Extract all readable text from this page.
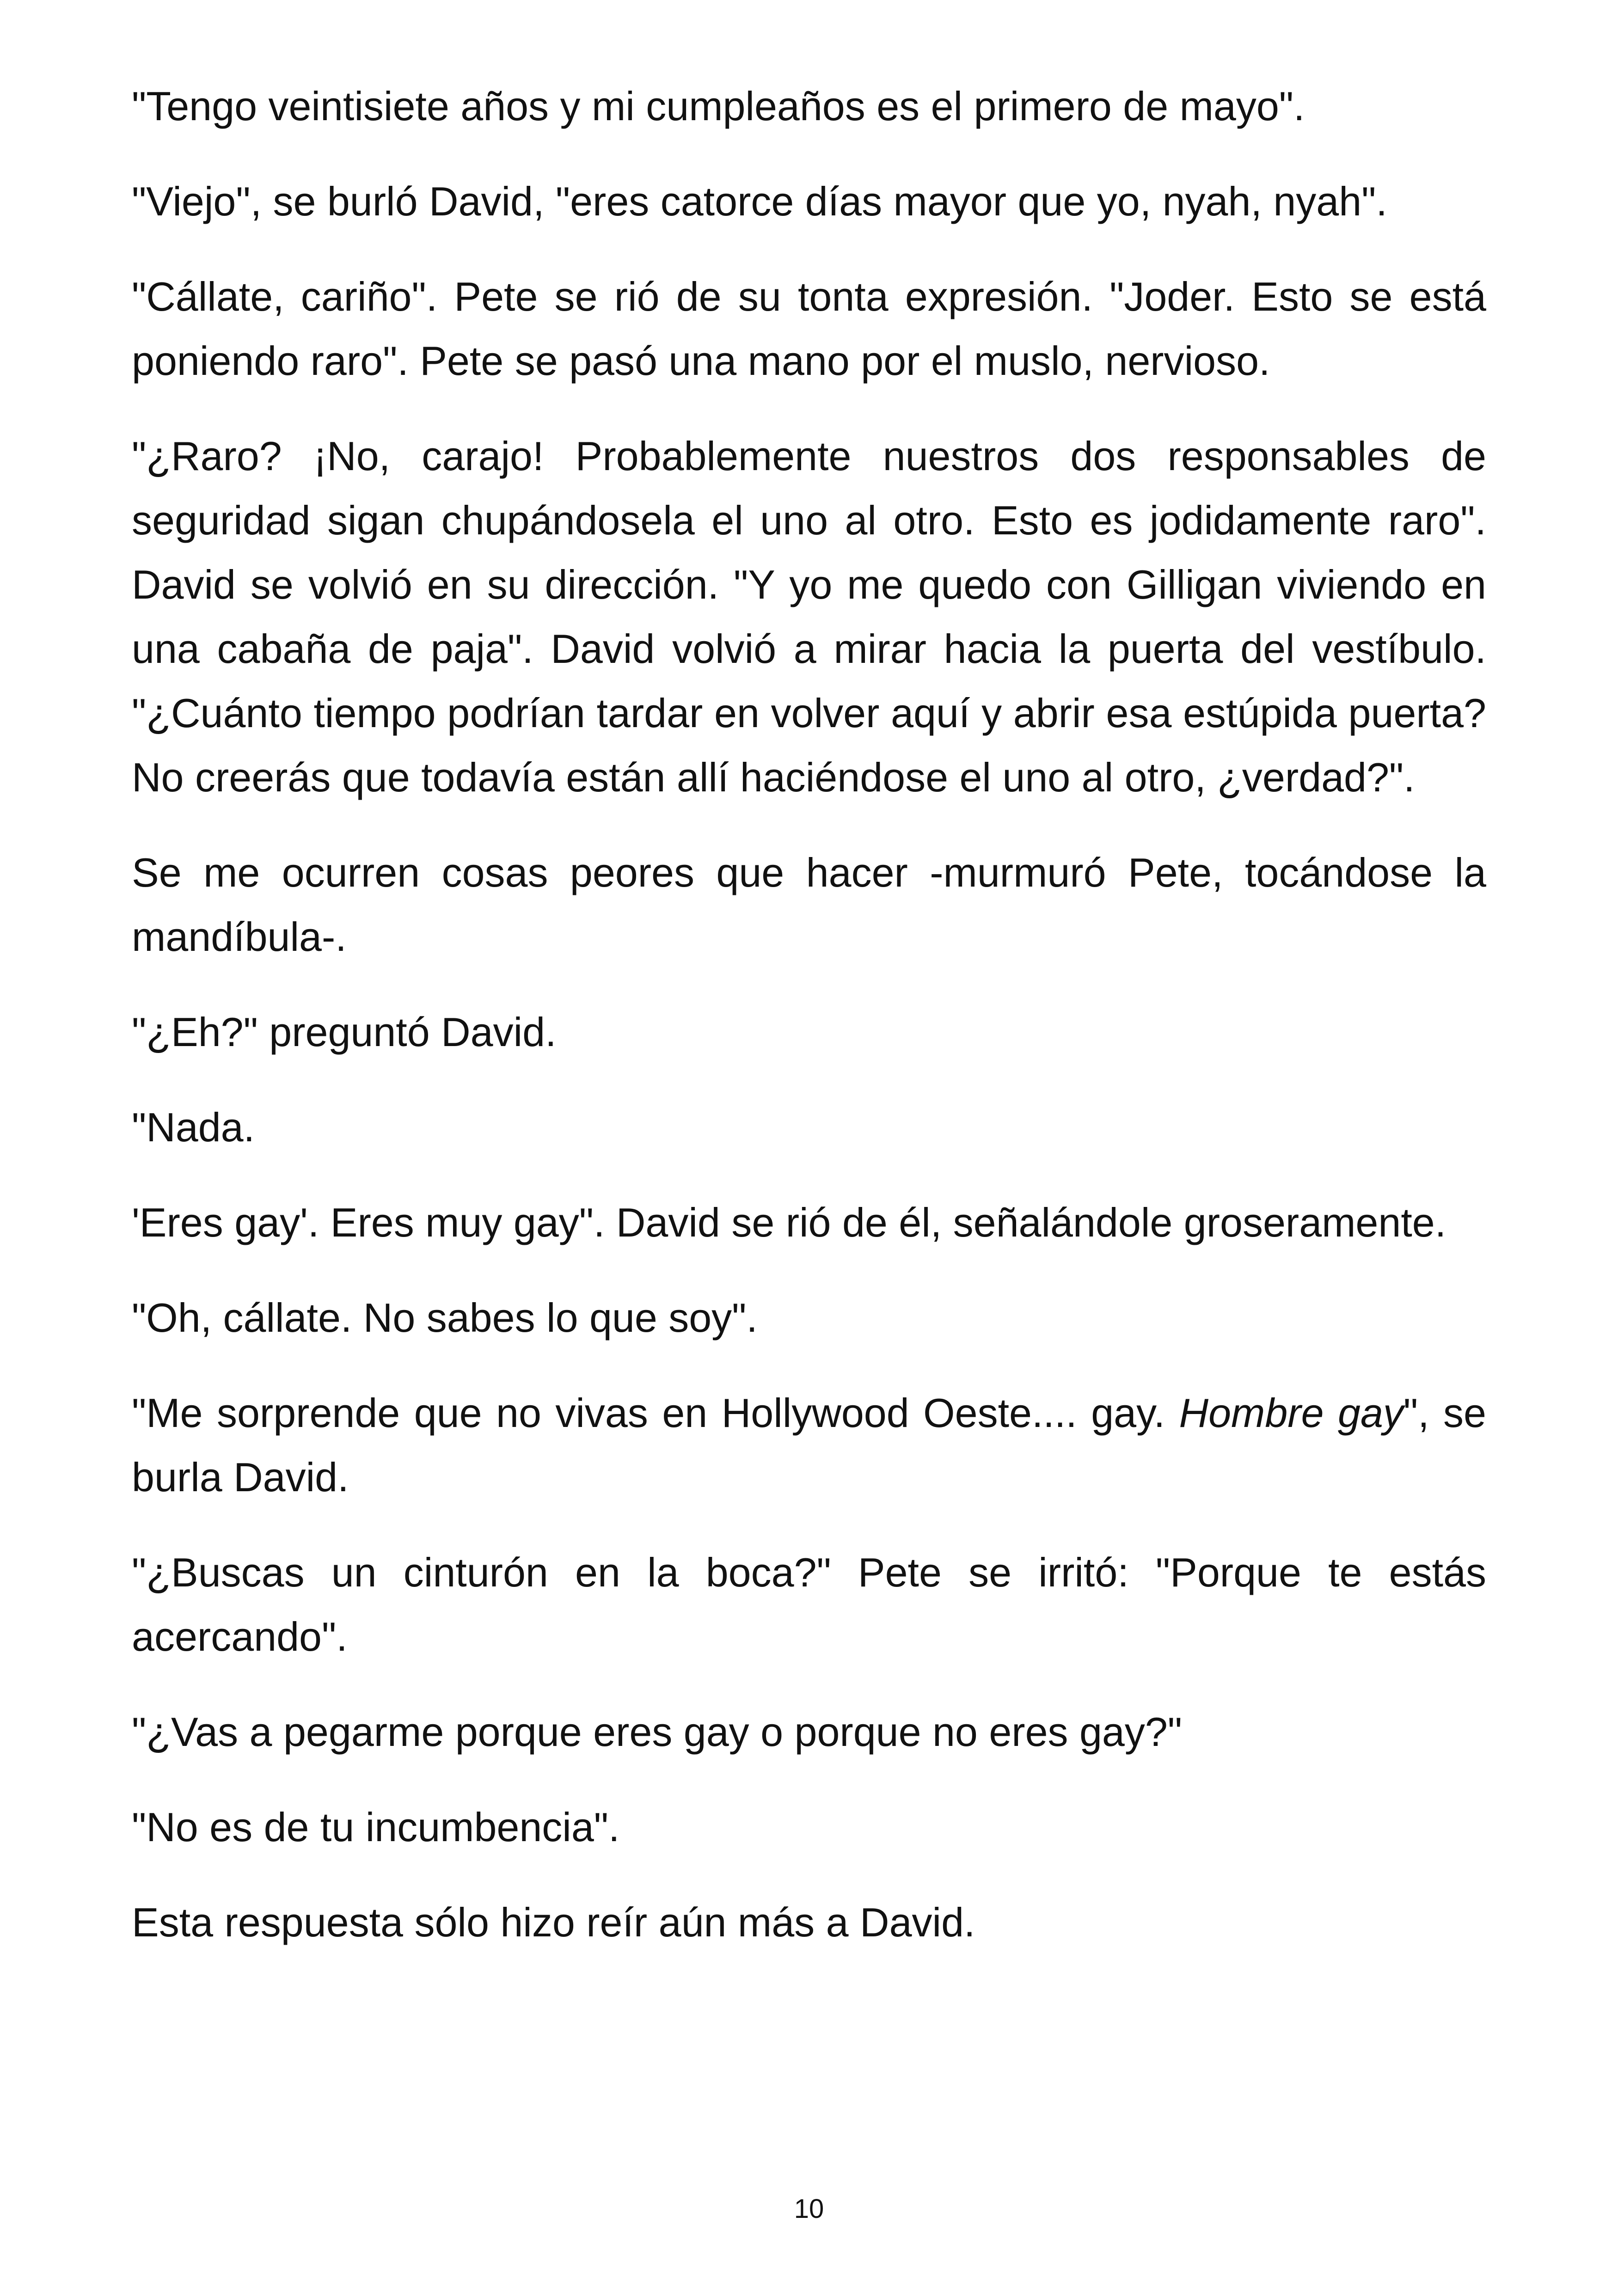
"Tengo veintisiete años y mi cumpleaños es el primero de mayo".

"Viejo", se burló David, "eres catorce días mayor que yo, nyah, nyah".

"Cállate, cariño". Pete se rió de su tonta expresión. "Joder. Esto se está poniendo raro". Pete se pasó una mano por el muslo, nervioso.

"¿Raro? ¡No, carajo! Probablemente nuestros dos responsables de seguridad sigan chupándosela el uno al otro. Esto es jodidamente raro". David se volvió en su dirección. "Y yo me quedo con Gilligan viviendo en una cabaña de paja". David volvió a mirar hacia la puerta del vestíbulo. "¿Cuánto tiempo podrían tardar en volver aquí y abrir esa estúpida puerta? No creerás que todavía están allí haciéndose el uno al otro, ¿verdad?".

Se me ocurren cosas peores que hacer -murmuró Pete, tocándose la mandíbula-.

"¿Eh?" preguntó David.

"Nada.

'Eres gay'. Eres muy gay". David se rió de él, señalándole groseramente.

"Oh, cállate. No sabes lo que soy".

"Me sorprende que no vivas en Hollywood Oeste.... gay. Hombre gay", se burla David.

"¿Buscas un cinturón en la boca?" Pete se irritó: "Porque te estás acercando".

"¿Vas a pegarme porque eres gay o porque no eres gay?"

"No es de tu incumbencia".

Esta respuesta sólo hizo reír aún más a David.

10
